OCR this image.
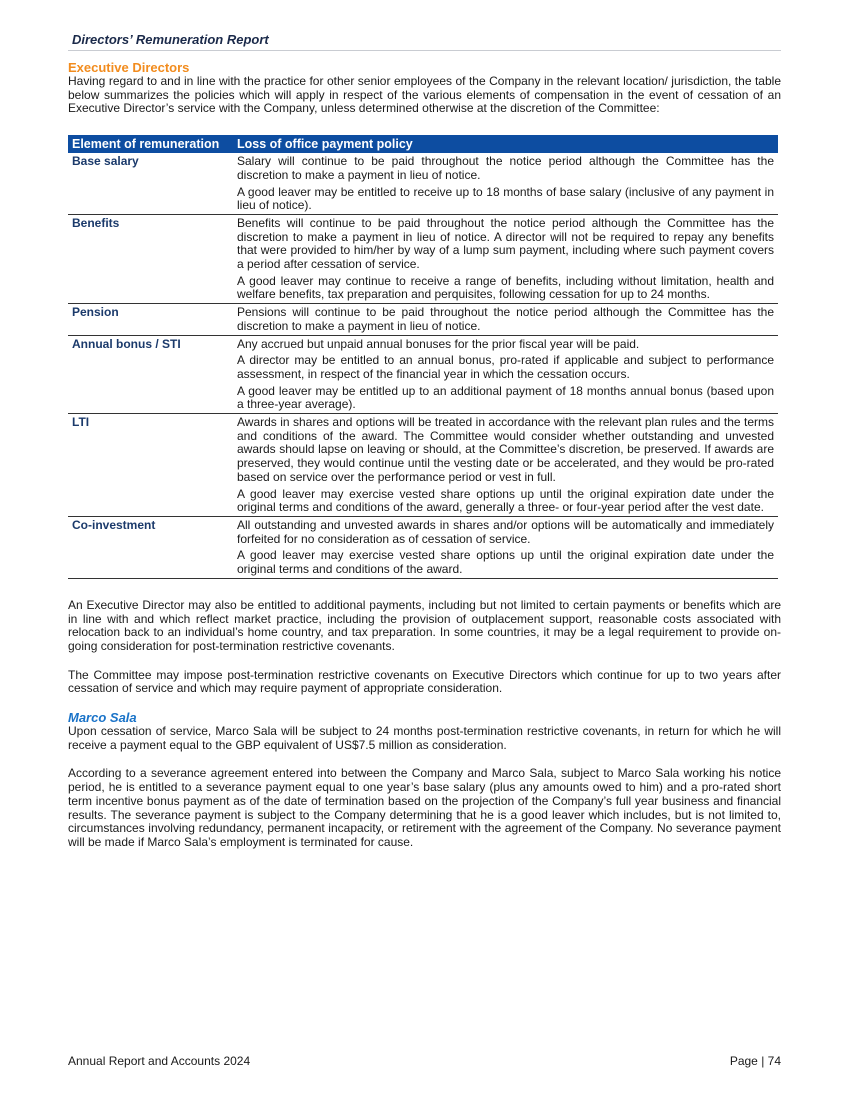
Directors’ Remuneration Report
Executive Directors

Having regard to and in line with the practice for other senior employees of the Company in the relevant location/ jurisdiction, the table below summarizes the policies which will apply in respect of the various elements of compensation in the event of cessation of an Executive Director’s service with the Company, unless determined otherwise at the discretion of the Committee:

Element of remuneration	Loss of office payment policy
Base salary	Salary will continue to be paid throughout the notice period although the Committee has the discretion to make a payment in lieu of notice.

A good leaver may be entitled to receive up to 18 months of base salary (inclusive of any payment in lieu of notice).

Benefits	Benefits will continue to be paid throughout the notice period although the Committee has the discretion to make a payment in lieu of notice. A director will not be required to repay any benefits that were provided to him/her by way of a lump sum payment, including where such payment covers a period after cessation of service.

A good leaver may continue to receive a range of benefits, including without limitation, health and welfare benefits, tax preparation and perquisites, following cessation for up to 24 months.

Pension	Pensions will continue to be paid throughout the notice period although the Committee has the discretion to make a payment in lieu of notice.

Annual bonus / STI	Any accrued but unpaid annual bonuses for the prior fiscal year will be paid.

A director may be entitled to an annual bonus, pro-rated if applicable and subject to performance assessment, in respect of the financial year in which the cessation occurs.

A good leaver may be entitled up to an additional payment of 18 months annual bonus (based upon a three-year average).

LTI	Awards in shares and options will be treated in accordance with the relevant plan rules and the terms and conditions of the award. The Committee would consider whether outstanding and unvested awards should lapse on leaving or should, at the Committee’s discretion, be preserved. If awards are preserved, they would continue until the vesting date or be accelerated, and they would be pro-rated based on service over the performance period or vest in full.

A good leaver may exercise vested share options up until the original expiration date under the original terms and conditions of the award, generally a three- or four-year period after the vest date.

Co-investment	All outstanding and unvested awards in shares and/or options will be automatically and immediately forfeited for no consideration as of cessation of service.

A good leaver may exercise vested share options up until the original expiration date under the original terms and conditions of the award.

An Executive Director may also be entitled to additional payments, including but not limited to certain payments or benefits which are in line with and which reflect market practice, including the provision of outplacement support, reasonable costs associated with relocation back to an individual’s home country, and tax preparation. In some countries, it may be a legal requirement to provide on-going consideration for post-termination restrictive covenants.

The Committee may impose post-termination restrictive covenants on Executive Directors which continue for up to two years after cessation of service and which may require payment of appropriate consideration.

Marco Sala

Upon cessation of service, Marco Sala will be subject to 24 months post-termination restrictive covenants, in return for which he will receive a payment equal to the GBP equivalent of US$7.5 million as consideration.

According to a severance agreement entered into between the Company and Marco Sala, subject to Marco Sala working his notice period, he is entitled to a severance payment equal to one year’s base salary (plus any amounts owed to him) and a pro-rated short term incentive bonus payment as of the date of termination based on the projection of the Company’s full year business and financial results. The severance payment is subject to the Company determining that he is a good leaver which includes, but is not limited to, circumstances involving redundancy, permanent incapacity, or retirement with the agreement of the Company. No severance payment will be made if Marco Sala’s employment is terminated for cause.

Annual Report and Accounts 2024	Page | 74
